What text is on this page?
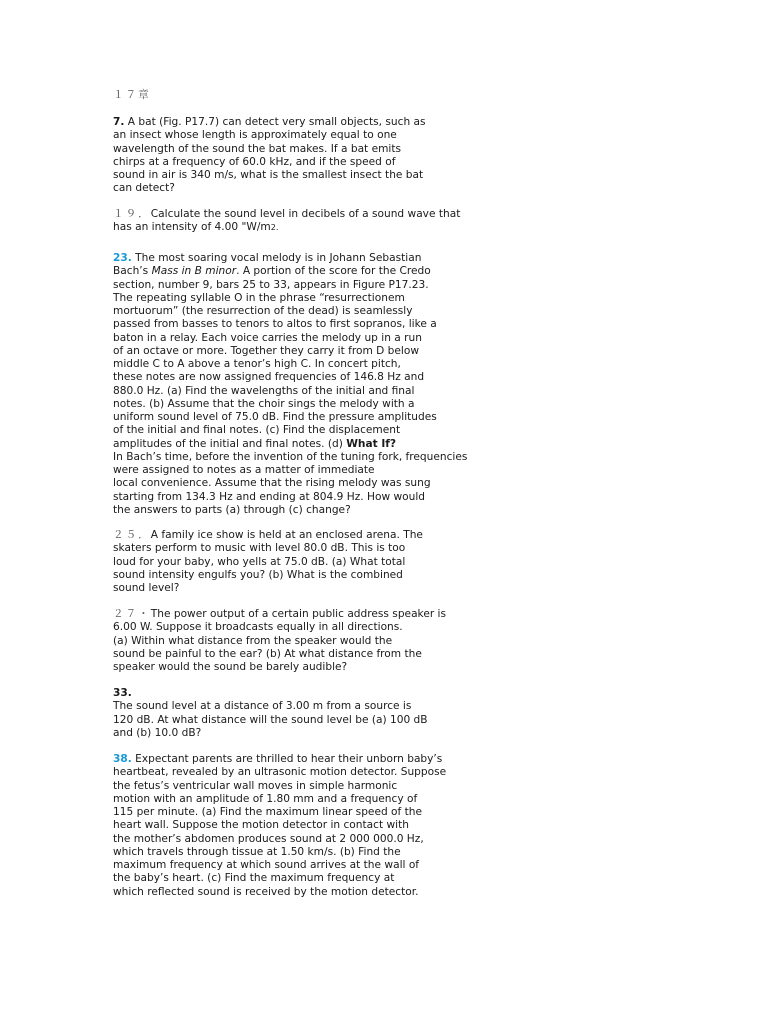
１７章
7. A bat (Fig. P17.7) can detect very small objects, such as
an insect whose length is approximately equal to one
wavelength of the sound the bat makes. If a bat emits
chirps at a frequency of 60.0 kHz, and if the speed of
sound in air is 340 m/s, what is the smallest insect the bat
can detect?
１９．Calculate the sound level in decibels of a sound wave that
has an intensity of 4.00 "W/m2.
23. The most soaring vocal melody is in Johann Sebastian
Bach’s Mass in B minor. A portion of the score for the Credo
section, number 9, bars 25 to 33, appears in Figure P17.23.
The repeating syllable O in the phrase “resurrectionem
mortuorum” (the resurrection of the dead) is seamlessly
passed from basses to tenors to altos to first sopranos, like a
baton in a relay. Each voice carries the melody up in a run
of an octave or more. Together they carry it from D below
middle C to A above a tenor’s high C. In concert pitch,
these notes are now assigned frequencies of 146.8 Hz and
880.0 Hz. (a) Find the wavelengths of the initial and final
notes. (b) Assume that the choir sings the melody with a
uniform sound level of 75.0 dB. Find the pressure amplitudes
of the initial and final notes. (c) Find the displacement
amplitudes of the initial and final notes. (d) What If?
In Bach’s time, before the invention of the tuning fork, frequencies
were assigned to notes as a matter of immediate
local convenience. Assume that the rising melody was sung
starting from 134.3 Hz and ending at 804.9 Hz. How would
the answers to parts (a) through (c) change?
２５．A family ice show is held at an enclosed arena. The
skaters perform to music with level 80.0 dB. This is too
loud for your baby, who yells at 75.0 dB. (a) What total
sound intensity engulfs you? (b) What is the combined
sound level?
２７・The power output of a certain public address speaker is
6.00 W. Suppose it broadcasts equally in all directions.
(a) Within what distance from the speaker would the
sound be painful to the ear? (b) At what distance from the
speaker would the sound be barely audible?
33.
The sound level at a distance of 3.00 m from a source is
120 dB. At what distance will the sound level be (a) 100 dB
and (b) 10.0 dB?
38. Expectant parents are thrilled to hear their unborn baby’s
heartbeat, revealed by an ultrasonic motion detector. Suppose
the fetus’s ventricular wall moves in simple harmonic
motion with an amplitude of 1.80 mm and a frequency of
115 per minute. (a) Find the maximum linear speed of the
heart wall. Suppose the motion detector in contact with
the mother’s abdomen produces sound at 2 000 000.0 Hz,
which travels through tissue at 1.50 km/s. (b) Find the
maximum frequency at which sound arrives at the wall of
the baby’s heart. (c) Find the maximum frequency at
which reflected sound is received by the motion detector.
